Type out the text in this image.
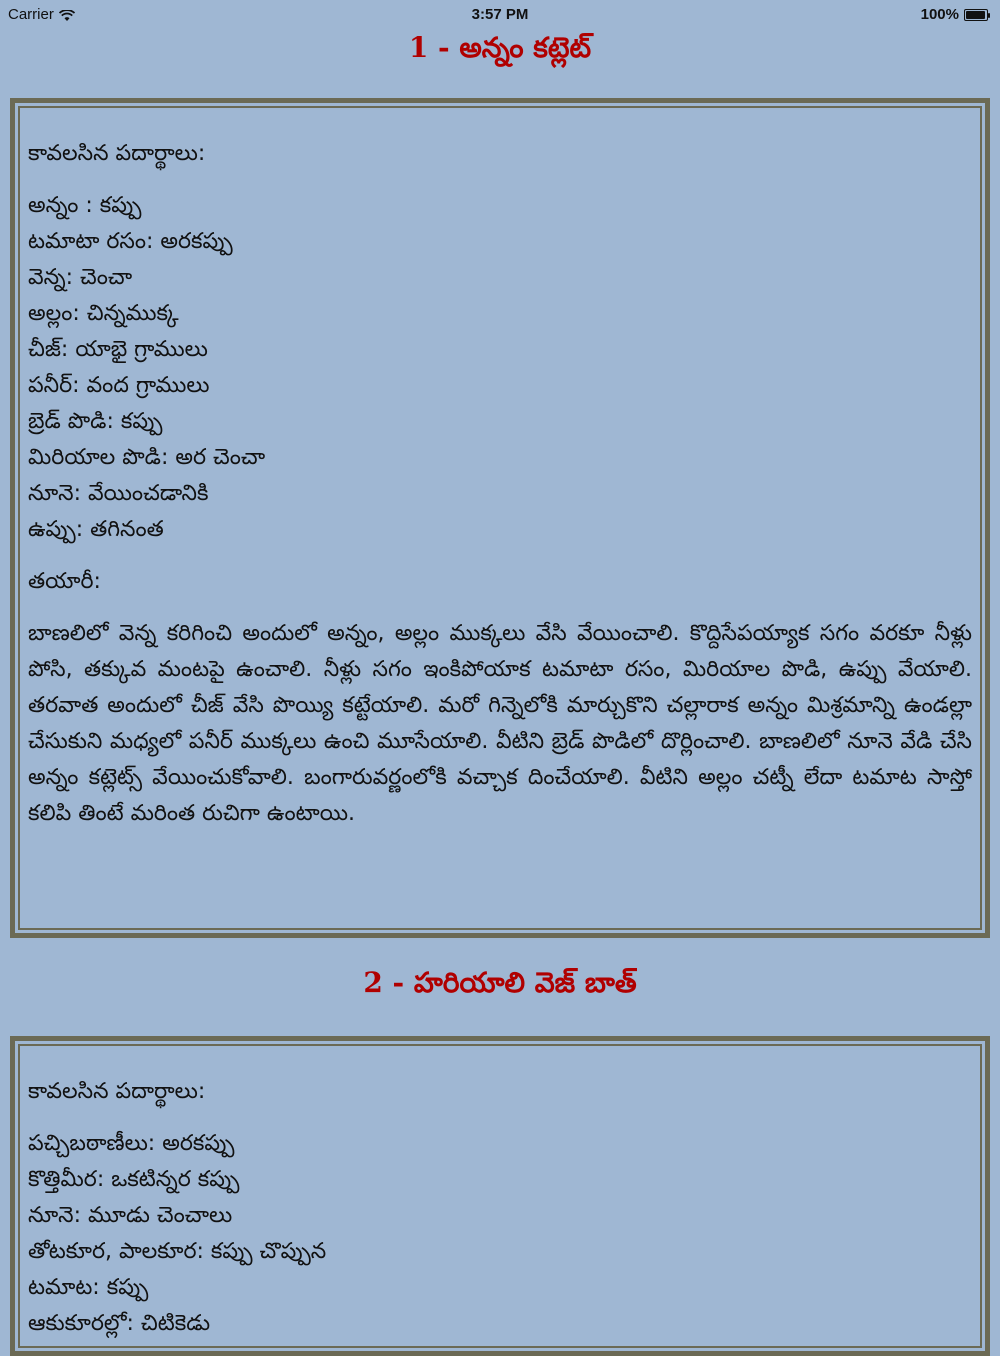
Carrier	3:57 PM	100%
1 - అన్నం కట్లెట్
కావలసిన పదార్థాలు:
అన్నం : కప్పు
టమాటా రసం: అరకప్పు
వెన్న: చెంచా
అల్లం: చిన్నముక్క
చీజ్: యాభై గ్రాములు
పనీర్: వంద గ్రాములు
బ్రెడ్ పొడి: కప్పు
మిరియాల పొడి: అర చెంచా
నూనె: వేయించడానికి
ఉప్పు: తగినంత
తయారీ:

బాణలిలో వెన్న కరిగించి అందులో అన్నం, అల్లం ముక్కలు వేసి వేయించాలి. కొద్దిసేపయ్యాక సగం వరకూ నీళ్లు పోసి, తక్కువ మంటపై ఉంచాలి. నీళ్లు సగం ఇంకిపోయాక టమాటా రసం, మిరియాల పొడి, ఉప్పు వేయాలి. తరవాత అందులో చీజ్ వేసి పొయ్యి కట్టేయాలి. మరో గిన్నెలోకి మార్చుకొని చల్లారాక అన్నం మిశ్రమాన్ని ఉండల్లా చేసుకుని మధ్యలో పనీర్ ముక్కలు ఉంచి మూసేయాలి. వీటిని బ్రెడ్ పొడిలో దొర్లించాలి. బాణలిలో నూనె వేడి చేసి అన్నం కట్లెట్స్ వేయించుకోవాలి. బంగారువర్ణంలోకి వచ్చాక దించేయాలి. వీటిని అల్లం చట్నీ లేదా టమాట సాస్తో కలిపి తింటే మరింత రుచిగా ఉంటాయి.

2 - హరియాలి వెజ్ బాత్
కావలసిన పదార్థాలు:
పచ్చిబఠాణీలు: అరకప్పు
కొత్తిమీర: ఒకటిన్నర కప్పు
నూనె: మూడు చెంచాలు
తోటకూర, పాలకూర: కప్పు చొప్పున
టమాట: కప్పు
ఆకుకూరల్లో: చిటికెడు
